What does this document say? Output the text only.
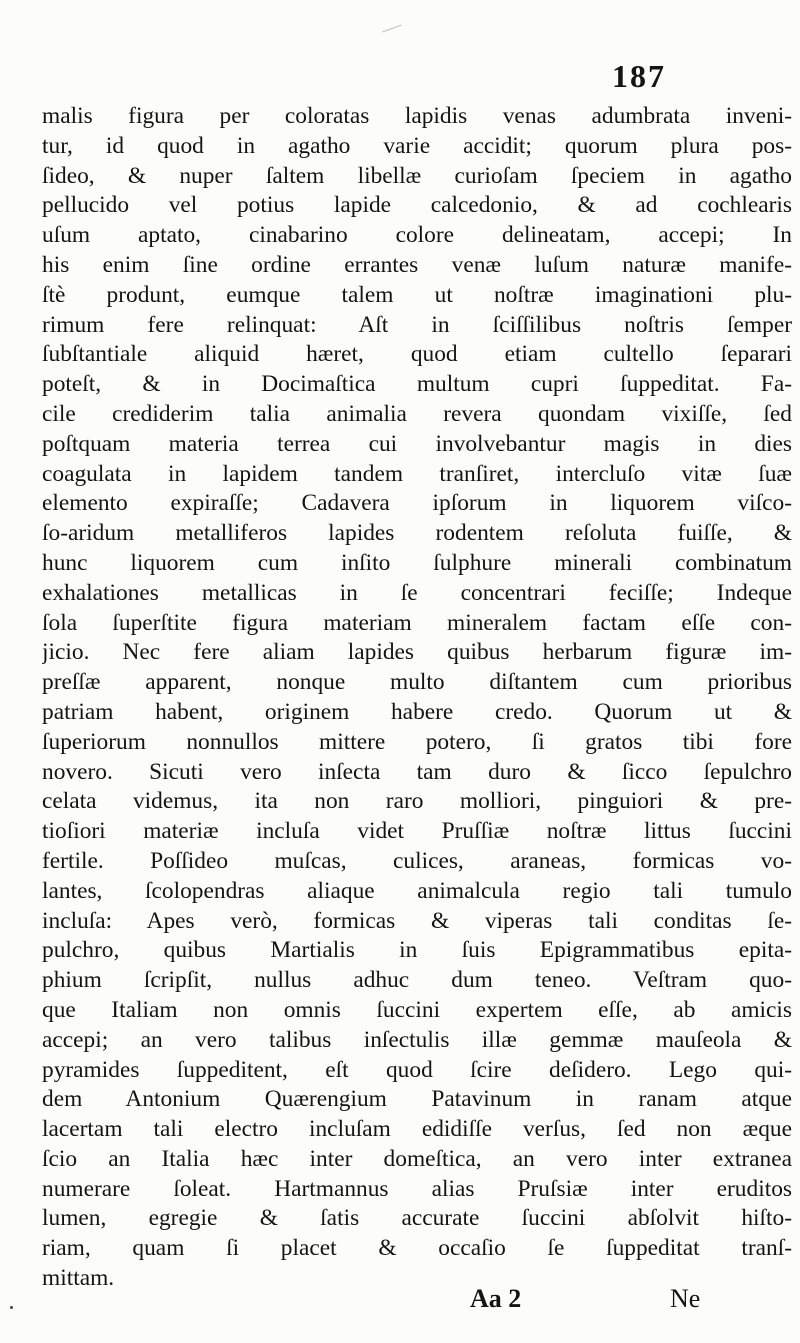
187
malis figura per coloratas lapidis venas adumbrata inveni-
tur, id quod in agatho varie accidit; quorum plura pos-
ſideo, & nuper ſaltem libellæ curioſam ſpeciem in agatho
pellucido vel potius lapide calcedonio, & ad cochlearis
uſum aptato, cinabarino colore delineatam, accepi; In
his enim ſine ordine errantes venæ luſum naturæ manife-
ſtè produnt, eumque talem ut noſtræ imaginationi plu-
rimum fere relinquat: Aſt in ſciſſilibus noſtris ſemper
ſubſtantiale aliquid hæret, quod etiam cultello ſeparari
poteſt, & in Docimaſtica multum cupri ſuppeditat. Fa-
cile crediderim talia animalia revera quondam vixiſſe, ſed
poſtquam materia terrea cui involvebantur magis in dies
coagulata in lapidem tandem tranſiret, intercluſo vitæ ſuæ
elemento expiraſſe; Cadavera ipſorum in liquorem viſco-
ſo-aridum metalliferos lapides rodentem reſoluta fuiſſe, &
hunc liquorem cum inſito ſulphure minerali combinatum
exhalationes metallicas in ſe concentrari feciſſe; Indeque
ſola ſuperſtite figura materiam mineralem factam eſſe con-
jicio. Nec fere aliam lapides quibus herbarum figuræ im-
preſſæ apparent, nonque multo diſtantem cum prioribus
patriam habent, originem habere credo. Quorum ut &
ſuperiorum nonnullos mittere potero, ſi gratos tibi fore
novero. Sicuti vero inſecta tam duro & ſicco ſepulchro
celata videmus, ita non raro molliori, pinguiori & pre-
tioſiori materiæ incluſa videt Pruſſiæ noſtræ littus ſuccini
fertile. Poſſideo muſcas, culices, araneas, formicas vo-
lantes, ſcolopendras aliaque animalcula regio tali tumulo
incluſa: Apes verò, formicas & viperas tali conditas ſe-
pulchro, quibus Martialis in ſuis Epigrammatibus epita-
phium ſcripſit, nullus adhuc dum teneo. Veſtram quo-
que Italiam non omnis ſuccini expertem eſſe, ab amicis
accepi; an vero talibus inſectulis illæ gemmæ mauſeola &
pyramides ſuppeditent, eſt quod ſcire deſidero. Lego qui-
dem Antonium Quærengium Patavinum in ranam atque
lacertam tali electro incluſam edidiſſe verſus, ſed non æque
ſcio an Italia hæc inter domeſtica, an vero inter extranea
numerare ſoleat. Hartmannus alias Pruſsiæ inter eruditos
lumen, egregie & ſatis accurate ſuccini abſolvit hiſto-
riam, quam ſi placet & occaſio ſe ſuppeditat tranſ-
mittam.
Aa 2	Ne
